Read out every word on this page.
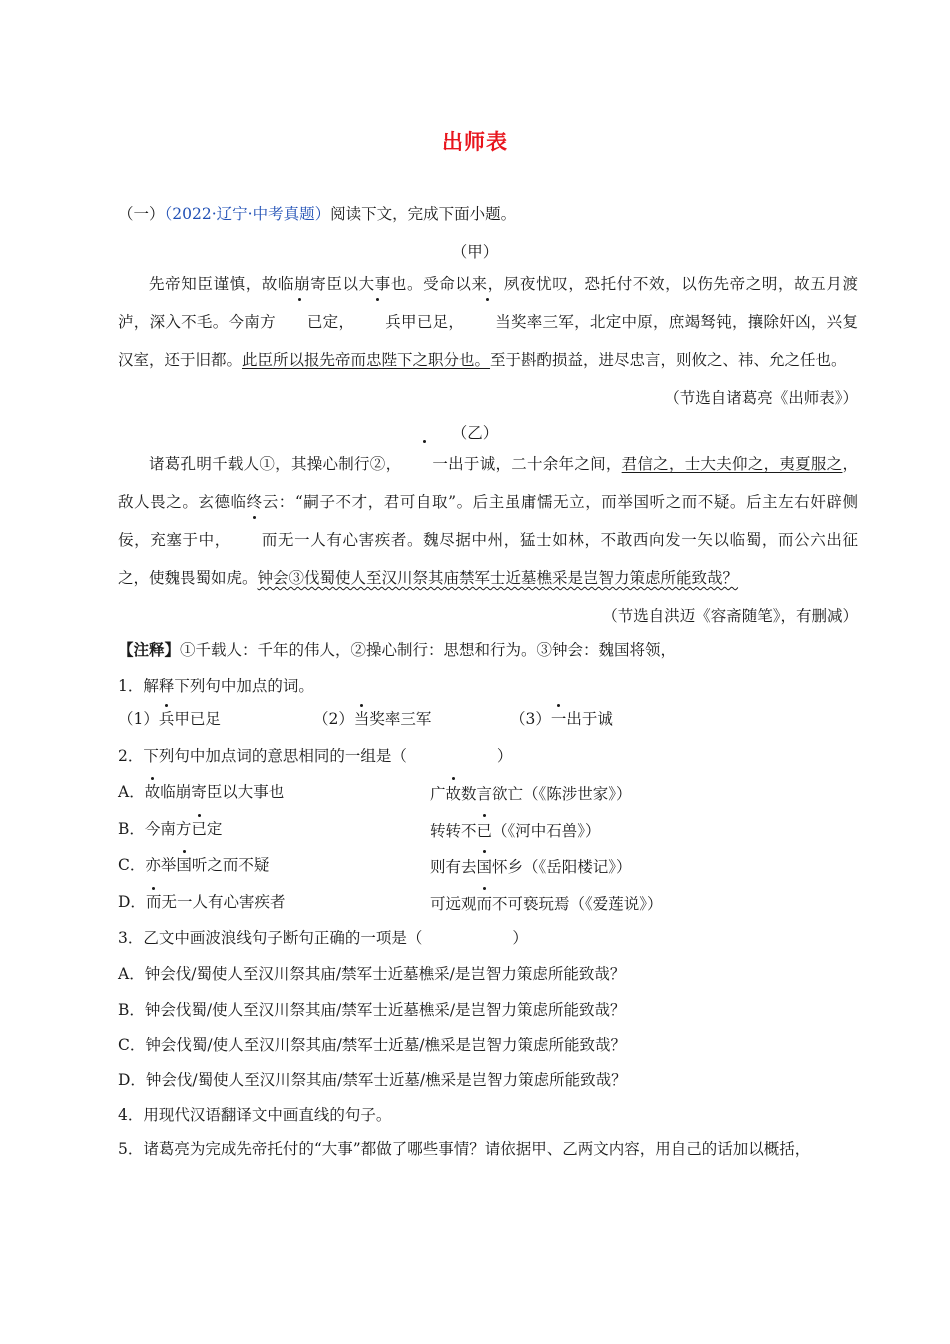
出师表
（一）（2022·辽宁·中考真题）阅读下文，完成下面小题。
（甲）
先帝知臣谨慎，故临崩寄臣以大事也。受命以来，夙夜忧叹，恐托付不效，以伤先帝之明，故五月渡泸，深入不毛。今南方 已定， 兵甲已足， 当奖率三军，北定中原，庶竭驽钝，攘除奸凶，兴复汉室，还于旧都。此臣所以报先帝而忠陛下之职分也。至于斟酌损益，进尽忠言，则攸之、祎、允之任也。
（节选自诸葛亮《出师表》）
（乙）
诸葛孔明千载人①，其操心制行②， 一出于诚，二十余年之间，君信之，士大夫仰之，夷夏服之，敌人畏之。玄德临终云：“嗣子不才，君可自取”。后主虽庸懦无立，而举国听之而不疑。后主左右奸辟侧佞，充塞于中， 而无一人有心害疾者。魏尽据中州，猛士如林，不敢西向发一矢以临蜀，而公六出征之，使魏畏蜀如虎。钟会③伐蜀使人至汉川祭其庙禁军士近墓樵采是岂智力策虑所能致哉？
（节选自洪迈《容斋随笔》，有删减）
【注释】①千载人：千年的伟人，②操心制行：思想和行为。③钟会：魏国将领，
1．解释下列句中加点的词。
（1）兵甲已足	（2）当奖率三军	（3）一出于诚
2．下列句中加点词的意思相同的一组是（	）
A．故临崩寄臣以大事也	广故数言欲亡（《陈涉世家》）
B．今南方已定	转转不已（《河中石兽》）
C．亦举国听之而不疑	则有去国怀乡（《岳阳楼记》）
D．而无一人有心害疾者	可远观而不可亵玩焉（《爱莲说》）
3．乙文中画波浪线句子断句正确的一项是（	）
A．钟会伐/蜀使人至汉川祭其庙/禁军士近墓樵采/是岂智力策虑所能致哉？
B．钟会伐蜀/使人至汉川祭其庙/禁军士近墓樵采/是岂智力策虑所能致哉？
C．钟会伐蜀/使人至汉川祭其庙/禁军士近墓/樵采是岂智力策虑所能致哉？
D．钟会伐/蜀使人至汉川祭其庙/禁军士近墓/樵采是岂智力策虑所能致哉？
4．用现代汉语翻译文中画直线的句子。
5．诸葛亮为完成先帝托付的“大事”都做了哪些事情？请依据甲、乙两文内容，用自己的话加以概括，
